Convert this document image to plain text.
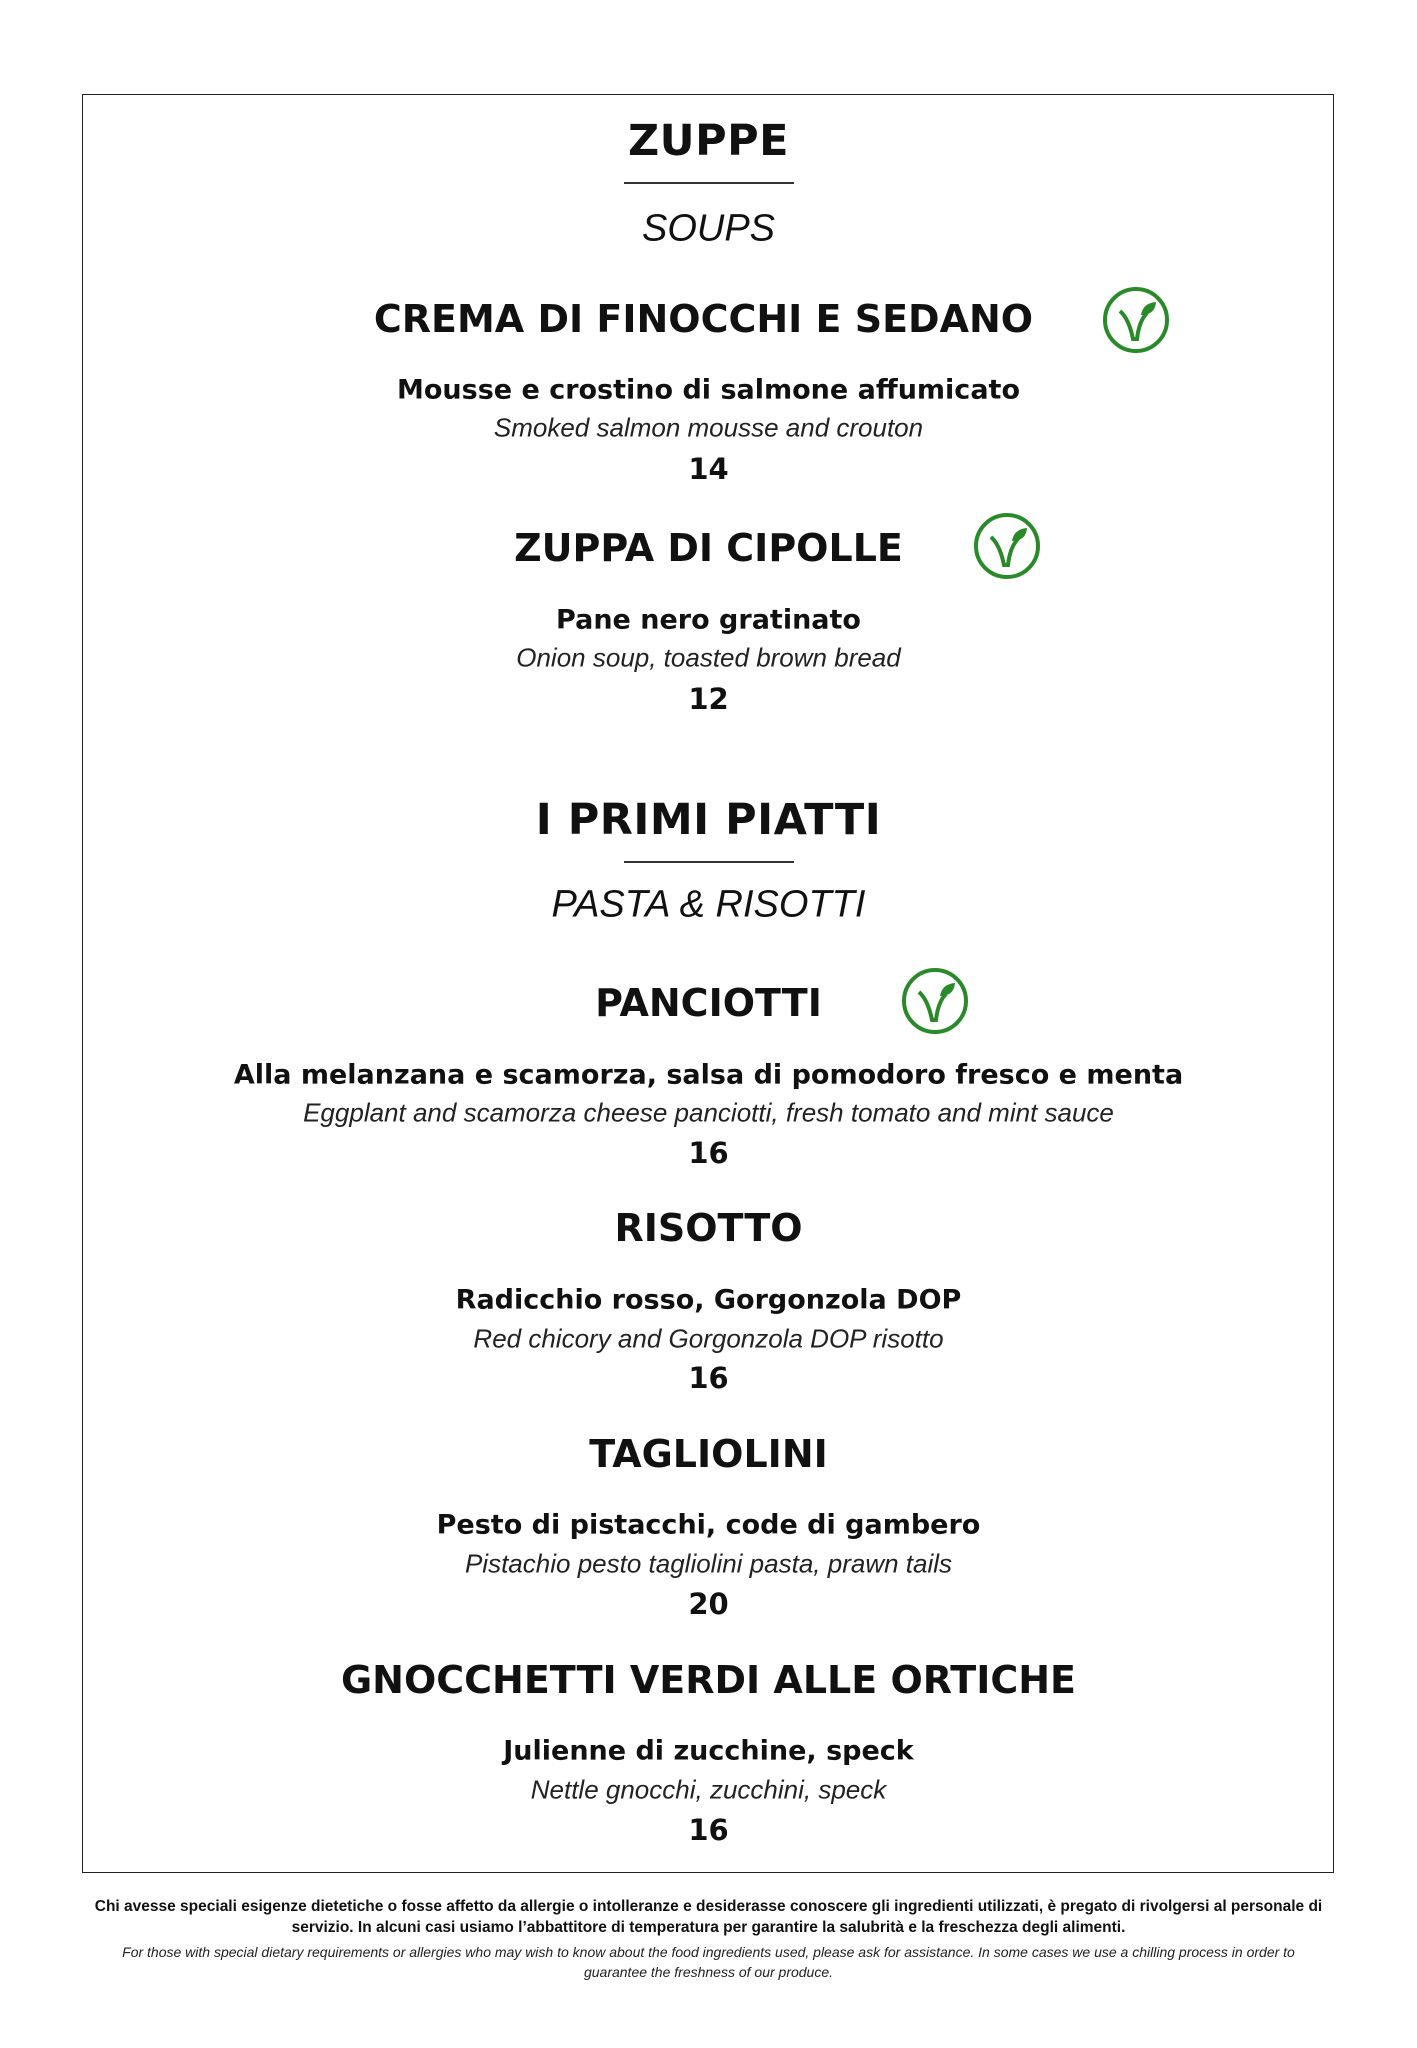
ZUPPE
SOUPS
CREMA DI FINOCCHI E SEDANO
Mousse e crostino di salmone affumicato
Smoked salmon mousse and crouton
14
ZUPPA DI CIPOLLE
Pane nero gratinato
Onion soup, toasted brown bread
12
I PRIMI PIATTI
PASTA & RISOTTI
PANCIOTTI
Alla melanzana e scamorza, salsa di pomodoro fresco e menta
Eggplant and scamorza cheese panciotti, fresh tomato and mint sauce
16
RISOTTO
Radicchio rosso, Gorgonzola DOP
Red chicory and Gorgonzola DOP risotto
16
TAGLIOLINI
Pesto di pistacchi, code di gambero
Pistachio pesto tagliolini pasta, prawn tails
20
GNOCCHETTI VERDI ALLE ORTICHE
Julienne di zucchine, speck
Nettle gnocchi, zucchini, speck
16
Chi avesse speciali esigenze dietetiche o fosse affetto da allergie o intolleranze e desiderasse conoscere gli ingredienti utilizzati, è pregato di rivolgersi al personale di servizio. In alcuni casi usiamo l’abbattitore di temperatura per garantire la salubrità e la freschezza degli alimenti.
For those with special dietary requirements or allergies who may wish to know about the food ingredients used, please ask for assistance. In some cases we use a chilling process in order to guarantee the freshness of our produce.
